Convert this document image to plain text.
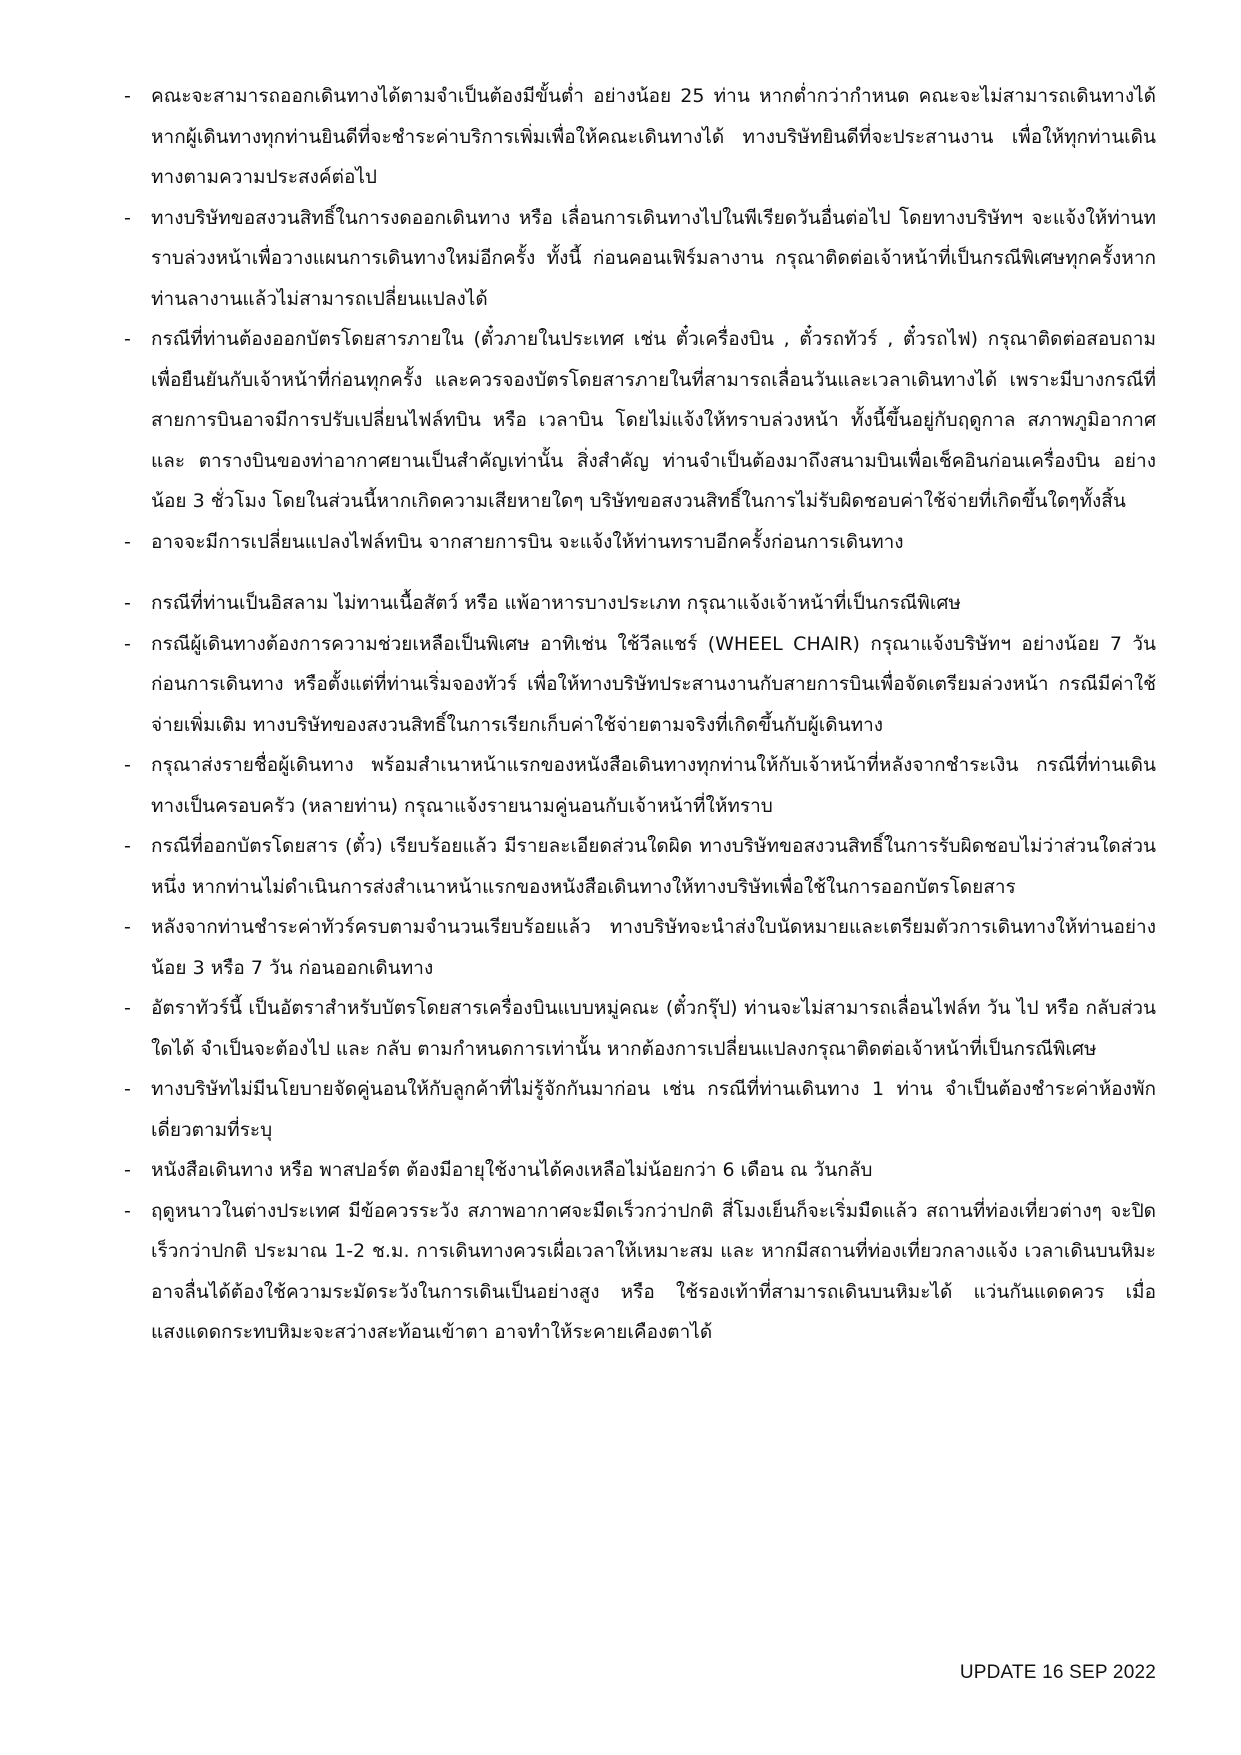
-	คณะจะสามารถออกเดินทางได้ตามจำเป็นต้องมีขั้นต่ำ อย่างน้อย 25 ท่าน หากต่ำกว่ากำหนด คณะจะไม่สามารถเดินทางได้ หากผู้เดินทางทุกท่านยินดีที่จะชำระค่าบริการเพิ่มเพื่อให้คณะเดินทางได้ ทางบริษัทยินดีที่จะประสานงาน เพื่อให้ทุกท่านเดินทางตามความประสงค์ต่อไป
-	ทางบริษัทขอสงวนสิทธิ์ในการงดออกเดินทาง หรือ เลื่อนการเดินทางไปในพีเรียดวันอื่นต่อไป โดยทางบริษัทฯ จะแจ้งให้ท่านทราบล่วงหน้าเพื่อวางแผนการเดินทางใหม่อีกครั้ง ทั้งนี้ ก่อนคอนเฟิร์มลางาน กรุณาติดต่อเจ้าหน้าที่เป็นกรณีพิเศษทุกครั้งหากท่านลางานแล้วไม่สามารถเปลี่ยนแปลงได้
-	กรณีที่ท่านต้องออกบัตรโดยสารภายใน (ตั๋วภายในประเทศ เช่น ตั๋วเครื่องบิน , ตั๋วรถทัวร์ , ตั๋วรถไฟ) กรุณาติดต่อสอบถามเพื่อยืนยันกับเจ้าหน้าที่ก่อนทุกครั้ง และควรจองบัตรโดยสารภายในที่สามารถเลื่อนวันและเวลาเดินทางได้ เพราะมีบางกรณีที่สายการบินอาจมีการปรับเปลี่ยนไฟล์ทบิน หรือ เวลาบิน โดยไม่แจ้งให้ทราบล่วงหน้า ทั้งนี้ขึ้นอยู่กับฤดูกาล สภาพภูมิอากาศ และ ตารางบินของท่าอากาศยานเป็นสำคัญเท่านั้น สิ่งสำคัญ ท่านจำเป็นต้องมาถึงสนามบินเพื่อเช็คอินก่อนเครื่องบิน อย่างน้อย 3 ชั่วโมง โดยในส่วนนี้หากเกิดความเสียหายใดๆ บริษัทขอสงวนสิทธิ์ในการไม่รับผิดชอบค่าใช้จ่ายที่เกิดขึ้นใดๆทั้งสิ้น
-	อาจจะมีการเปลี่ยนแปลงไฟล์ทบิน จากสายการบิน จะแจ้งให้ท่านทราบอีกครั้งก่อนการเดินทาง
-	กรณีที่ท่านเป็นอิสลาม ไม่ทานเนื้อสัตว์ หรือ แพ้อาหารบางประเภท กรุณาแจ้งเจ้าหน้าที่เป็นกรณีพิเศษ
-	กรณีผู้เดินทางต้องการความช่วยเหลือเป็นพิเศษ อาทิเช่น ใช้วีลแชร์ (WHEEL CHAIR) กรุณาแจ้งบริษัทฯ อย่างน้อย 7 วันก่อนการเดินทาง หรือตั้งแต่ที่ท่านเริ่มจองทัวร์ เพื่อให้ทางบริษัทประสานงานกับสายการบินเพื่อจัดเตรียมล่วงหน้า กรณีมีค่าใช้จ่ายเพิ่มเติม ทางบริษัทของสงวนสิทธิ์ในการเรียกเก็บค่าใช้จ่ายตามจริงที่เกิดขึ้นกับผู้เดินทาง
-	กรุณาส่งรายชื่อผู้เดินทาง พร้อมสำเนาหน้าแรกของหนังสือเดินทางทุกท่านให้กับเจ้าหน้าที่หลังจากชำระเงิน กรณีที่ท่านเดินทางเป็นครอบครัว (หลายท่าน) กรุณาแจ้งรายนามคู่นอนกับเจ้าหน้าที่ให้ทราบ
-	กรณีที่ออกบัตรโดยสาร (ตั๋ว) เรียบร้อยแล้ว มีรายละเอียดส่วนใดผิด ทางบริษัทขอสงวนสิทธิ์ในการรับผิดชอบไม่ว่าส่วนใดส่วนหนึ่ง หากท่านไม่ดำเนินการส่งสำเนาหน้าแรกของหนังสือเดินทางให้ทางบริษัทเพื่อใช้ในการออกบัตรโดยสาร
-	หลังจากท่านชำระค่าทัวร์ครบตามจำนวนเรียบร้อยแล้ว ทางบริษัทจะนำส่งใบนัดหมายและเตรียมตัวการเดินทางให้ท่านอย่างน้อย 3 หรือ 7 วัน ก่อนออกเดินทาง
-	อัตราทัวร์นี้ เป็นอัตราสำหรับบัตรโดยสารเครื่องบินแบบหมู่คณะ (ตั๋วกรุ๊ป) ท่านจะไม่สามารถเลื่อนไฟล์ท วัน ไป หรือ กลับส่วนใดได้ จำเป็นจะต้องไป และ กลับ ตามกำหนดการเท่านั้น หากต้องการเปลี่ยนแปลงกรุณาติดต่อเจ้าหน้าที่เป็นกรณีพิเศษ
-	ทางบริษัทไม่มีนโยบายจัดคู่นอนให้กับลูกค้าที่ไม่รู้จักกันมาก่อน เช่น กรณีที่ท่านเดินทาง 1 ท่าน จำเป็นต้องชำระค่าห้องพักเดี่ยวตามที่ระบุ
-	หนังสือเดินทาง หรือ พาสปอร์ต ต้องมีอายุใช้งานได้คงเหลือไม่น้อยกว่า 6 เดือน ณ วันกลับ
-	ฤดูหนาวในต่างประเทศ มีข้อควรระวัง สภาพอากาศจะมืดเร็วกว่าปกติ สี่โมงเย็นก็จะเริ่มมืดแล้ว สถานที่ท่องเที่ยวต่างๆ จะปิดเร็วกว่าปกติ ประมาณ 1-2 ช.ม. การเดินทางควรเผื่อเวลาให้เหมาะสม และ หากมีสถานที่ท่องเที่ยวกลางแจ้ง เวลาเดินบนหิมะ อาจลื่นได้ต้องใช้ความระมัดระวังในการเดินเป็นอย่างสูง หรือ ใช้รองเท้าที่สามารถเดินบนหิมะได้ แว่นกันแดดควร เมื่อแสงแดดกระทบหิมะจะสว่างสะท้อนเข้าตา อาจทำให้ระคายเคืองตาได้
UPDATE 16 SEP 2022
